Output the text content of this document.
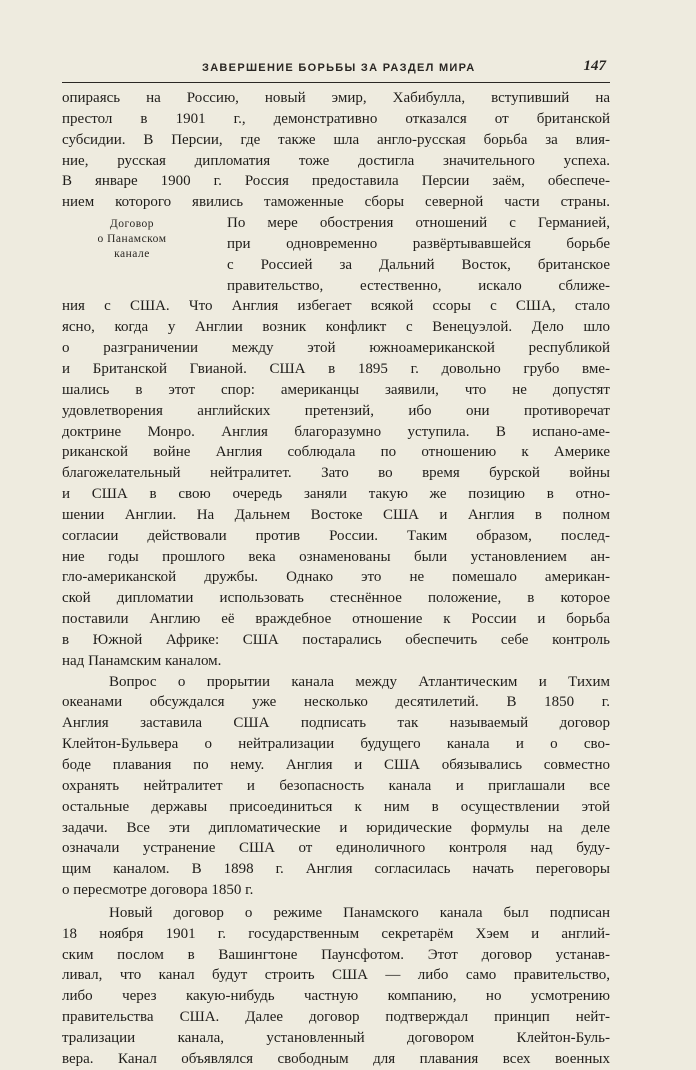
ЗАВЕРШЕНИЕ БОРЬБЫ ЗА РАЗДЕЛ МИРА	147
опираясь на Россию, новый эмир, Хабибулла, вступивший на
престол в 1901 г., демонстративно отказался от британской
субсидии. В Персии, где также шла англо-русская борьба за влия-
ние, русская дипломатия тоже достигла значительного успеха.
В январе 1900 г. Россия предоставила Персии заём, обеспече-
нием которого явились таможенные сборы северной части страны.
Договор
о Панамском
канале
По мере обострения отношений с Германией,
при одновременно развёртывавшейся борьбе
с Россией за Дальний Восток, британское
правительство, естественно, искало сближе-
ния с США. Что Англия избегает всякой ссоры с США, стало
ясно, когда у Англии возник конфликт с Венецуэлой. Дело шло
о разграничении между этой южноамериканской республикой
и Британской Гвианой. США в 1895 г. довольно грубо вме-
шались в этот спор: американцы заявили, что не допустят
удовлетворения английских претензий, ибо они противоречат
доктрине Монро. Англия благоразумно уступила. В испано-аме-
риканской войне Англия соблюдала по отношению к Америке
благожелательный нейтралитет. Зато во время бурской войны
и США в свою очередь заняли такую же позицию в отно-
шении Англии. На Дальнем Востоке США и Англия в полном
согласии действовали против России. Таким образом, послед-
ние годы прошлого века ознаменованы были установлением ан-
гло-американской дружбы. Однако это не помешало американ-
ской дипломатии использовать стеснённое положение, в которое
поставили Англию её враждебное отношение к России и борьба
в Южной Африке: США постарались обеспечить себе контроль
над Панамским каналом.
Вопрос о прорытии канала между Атлантическим и Тихим
океанами обсуждался уже несколько десятилетий. В 1850 г.
Англия заставила США подписать так называемый договор
Клейтон-Бульвера о нейтрализации будущего канала и о сво-
боде плавания по нему. Англия и США обязывались совместно
охранять нейтралитет и безопасность канала и приглашали все
остальные державы присоединиться к ним в осуществлении этой
задачи. Все эти дипломатические и юридические формулы на деле
означали устранение США от единоличного контроля над буду-
щим каналом. В 1898 г. Англия согласилась начать переговоры
о пересмотре договора 1850 г.
Новый договор о режиме Панамского канала был подписан
18 ноября 1901 г. государственным секретарём Хэем и англий-
ским послом в Вашингтоне Паунсфотом. Этот договор устанав-
ливал, что канал будут строить США — либо само правительство,
либо через какую-нибудь частную компанию, но усмотрению
правительства США. Далее договор подтверждал принцип нейт-
трализации канала, установленный договором Клейтон-Буль-
вера. Канал объявлялся свободным для плавания всех военных
